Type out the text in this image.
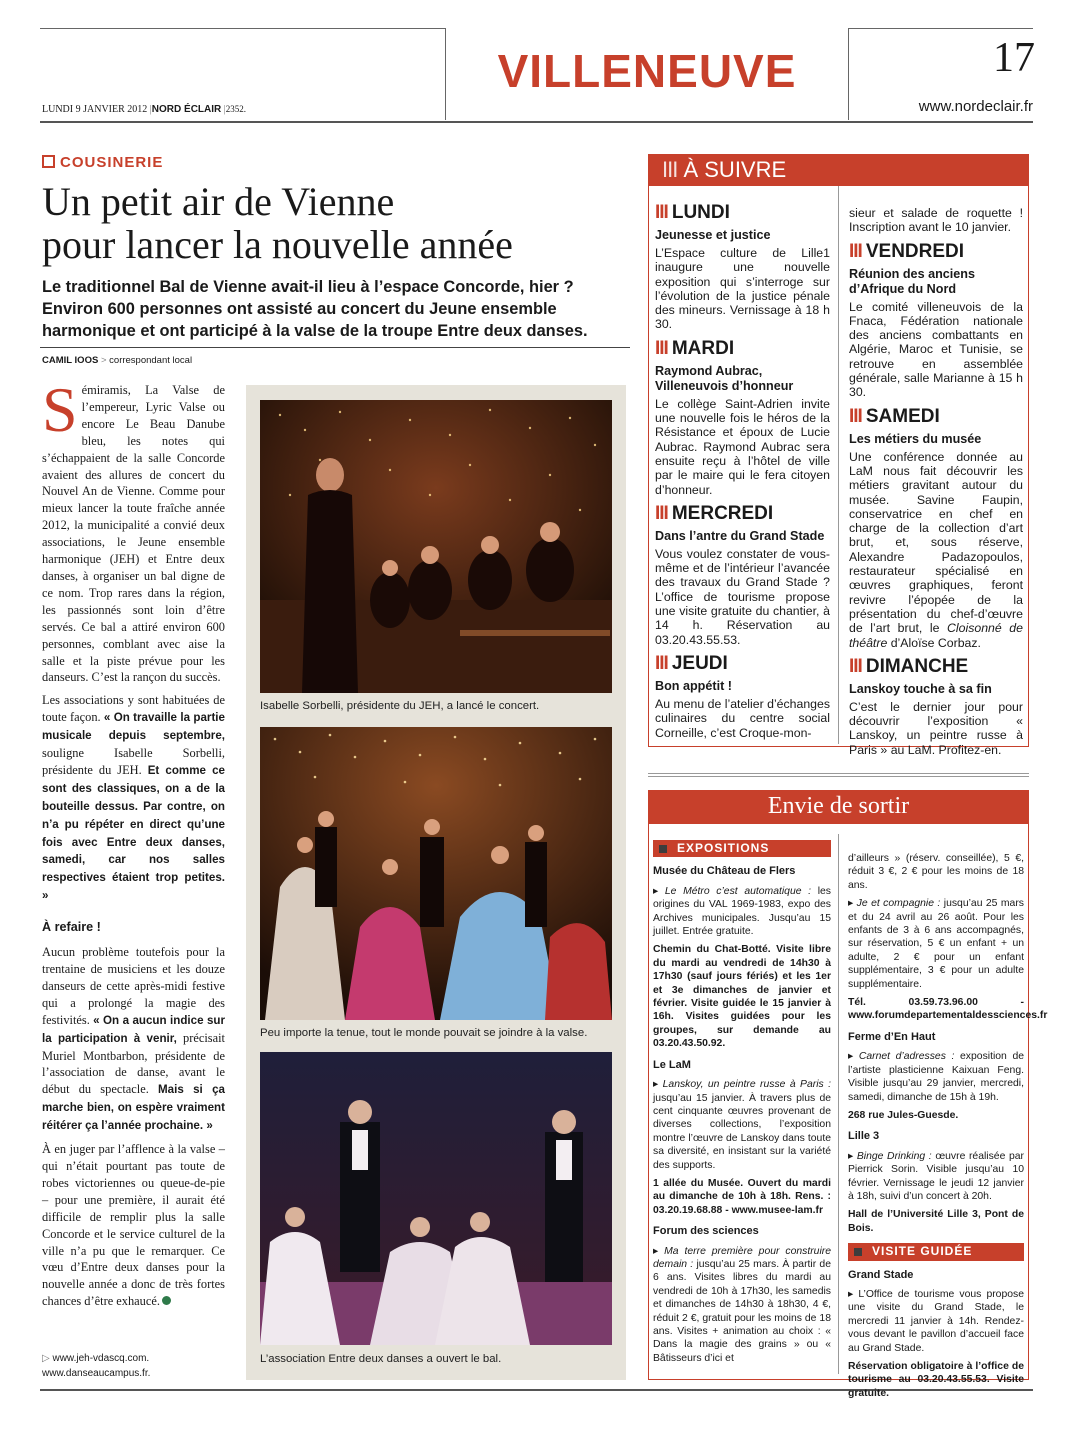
VILLENEUVE	17
LUNDI 9 JANVIER 2012 |NORD ÉCLAIR |2352.	www.nordeclair.fr
COUSINERIE
Un petit air de Vienne
pour lancer la nouvelle année
Le traditionnel Bal de Vienne avait-il lieu à l’espace Concorde, hier ? Environ 600 personnes ont assisté au concert du Jeune ensemble harmonique et ont participé à la valse de la troupe Entre deux danses.
CAMIL IOOS > correspondant local

Sémiramis, La Valse de l’empereur, Lyric Valse ou encore Le Beau Danube bleu, les notes qui s’échappaient de la salle Concorde avaient des allures de concert du Nouvel An de Vienne. Comme pour mieux lancer la toute fraîche année 2012, la municipalité a convié deux associations, le Jeune ensemble harmonique (JEH) et Entre deux danses, à organiser un bal digne de ce nom. Trop rares dans la région, les passionnés sont loin d’être servés. Ce bal a attiré environ 600 personnes, comblant avec aise la salle et la piste prévue pour les danseurs. C’est la rançon du succès.

Les associations y sont habituées de toute façon. « On travaille la partie musicale depuis septembre, souligne Isabelle Sorbelli, présidente du JEH. Et comme ce sont des classiques, on a de la bouteille dessus. Par contre, on n’a pu répéter en direct qu’une fois avec Entre deux danses, samedi, car nos salles respectives étaient trop petites. »

À refaire !

Aucun problème toutefois pour la trentaine de musiciens et les douze danseurs de cette après-midi festive qui a prolongé la magie des festivités. « On a aucun indice sur la participation à venir, précisait Muriel Montbarbon, présidente de l’association de danse, avant le début du spectacle. Mais si ça marche bien, on espère vraiment réitérer ça l’année prochaine. »

À en juger par l’afflence à la valse – qui n’était pourtant pas toute de robes victoriennes ou queue-de-pie – pour une première, il aurait été difficile de remplir plus la salle Concorde et le service culturel de la ville n’a pu que le remarquer. Ce vœu d’Entre deux danses pour la nouvelle année a donc de très fortes chances d’être exhaucé.

▷ www.jeh-vdascq.com.
www.danseaucampus.fr.
Isabelle Sorbelli, présidente du JEH, a lancé le concert.
Peu importe la tenue, tout le monde pouvait se joindre à la valse.
L’association Entre deux danses a ouvert le bal.
III À SUIVRE
III LUNDI
Jeunesse et justice
L’Espace culture de Lille1 inaugure une nouvelle exposition qui s’interroge sur l’évolution de la justice pénale des mineurs. Vernissage à 18 h 30.
III MARDI
Raymond Aubrac, Villeneuvois d’honneur
Le collège Saint-Adrien invite une nouvelle fois le héros de la Résistance et époux de Lucie Aubrac. Raymond Aubrac sera ensuite reçu à l’hôtel de ville par le maire qui le fera citoyen d’honneur.
III MERCREDI
Dans l’antre du Grand Stade
Vous voulez constater de vous-même et de l’intérieur l’avancée des travaux du Grand Stade ? L’office de tourisme propose une visite gratuite du chantier, à 14 h. Réservation au 03.20.43.55.53.
III JEUDI
Bon appétit !
Au menu de l’atelier d’échanges culinaires du centre social Corneille, c’est Croque-mon-
sieur et salade de roquette ! Inscription avant le 10 janvier.
III VENDREDI
Réunion des anciens d’Afrique du Nord
Le comité villeneuvois de la Fnaca, Fédération nationale des anciens combattants en Algérie, Maroc et Tunisie, se retrouve en assemblée générale, salle Marianne à 15 h 30.
III SAMEDI
Les métiers du musée
Une conférence donnée au LaM nous fait découvrir les métiers gravitant autour du musée. Savine Faupin, conservatrice en chef en charge de la collection d’art brut, et, sous réserve, Alexandre Padazopoulos, restaurateur spécialisé en œuvres graphiques, feront revivre l’épopée de la présentation du chef-d’œuvre de l’art brut, le Cloisonné de théâtre d’Aloïse Corbaz.
III DIMANCHE
Lanskoy touche à sa fin
C’est le dernier jour pour découvrir l’exposition « Lanskoy, un peintre russe à Paris » au LaM. Profitez-en.
Envie de sortir
EXPOSITIONS
Musée du Château de Flers

▸ Le Métro c’est automatique : les origines du VAL 1969-1983, expo des Archives municipales. Jusqu’au 15 juillet. Entrée gratuite.

Chemin du Chat-Botté. Visite libre du mardi au vendredi de 14h30 à 17h30 (sauf jours fériés) et les 1er et 3e dimanches de janvier et février. Visite guidée le 15 janvier à 16h. Visites guidées pour les groupes, sur demande au 03.20.43.50.92.
Le LaM

▸ Lanskoy, un peintre russe à Paris : jusqu’au 15 janvier. À travers plus de cent cinquante œuvres provenant de diverses collections, l’exposition montre l’œuvre de Lanskoy dans toute sa diversité, en insistant sur la variété des supports.

1 allée du Musée. Ouvert du mardi au dimanche de 10h à 18h. Rens. : 03.20.19.68.88 - www.musee-lam.fr
Forum des sciences

▸ Ma terre première pour construire demain : jusqu’au 25 mars. À partir de 6 ans. Visites libres du mardi au vendredi de 10h à 17h30, les samedis et dimanches de 14h30 à 18h30, 4 €, réduit 2 €, gratuit pour les moins de 18 ans. Visites + animation au choix : « Dans la magie des grains » ou « Bâtisseurs d’ici et

d’ailleurs » (réserv. conseillée), 5 €, réduit 3 €, 2 € pour les moins de 18 ans.

▸ Je et compagnie : jusqu’au 25 mars et du 24 avril au 26 août. Pour les enfants de 3 à 6 ans accompagnés, sur réservation, 5 € un enfant + un adulte, 2 € pour un enfant supplémentaire, 3 € pour un adulte supplémentaire.

Tél. 03.59.73.96.00 - www.forumdepartementaldessciences.fr
Ferme d’En Haut

▸ Carnet d’adresses : exposition de l’artiste plasticienne Kaixuan Feng. Visible jusqu’au 29 janvier, mercredi, samedi, dimanche de 15h à 19h.

268 rue Jules-Guesde.
Lille 3

▸ Binge Drinking : œuvre réalisée par Pierrick Sorin. Visible jusqu’au 10 février. Vernissage le jeudi 12 janvier à 18h, suivi d’un concert à 20h.

Hall de l’Université Lille 3, Pont de Bois.
VISITE GUIDÉE
Grand Stade

▸ L’Office de tourisme vous propose une visite du Grand Stade, le mercredi 11 janvier à 14h. Rendez-vous devant le pavillon d’accueil face au Grand Stade.

Réservation obligatoire à l’office de tourisme au 03.20.43.55.53. Visite gratuite.
